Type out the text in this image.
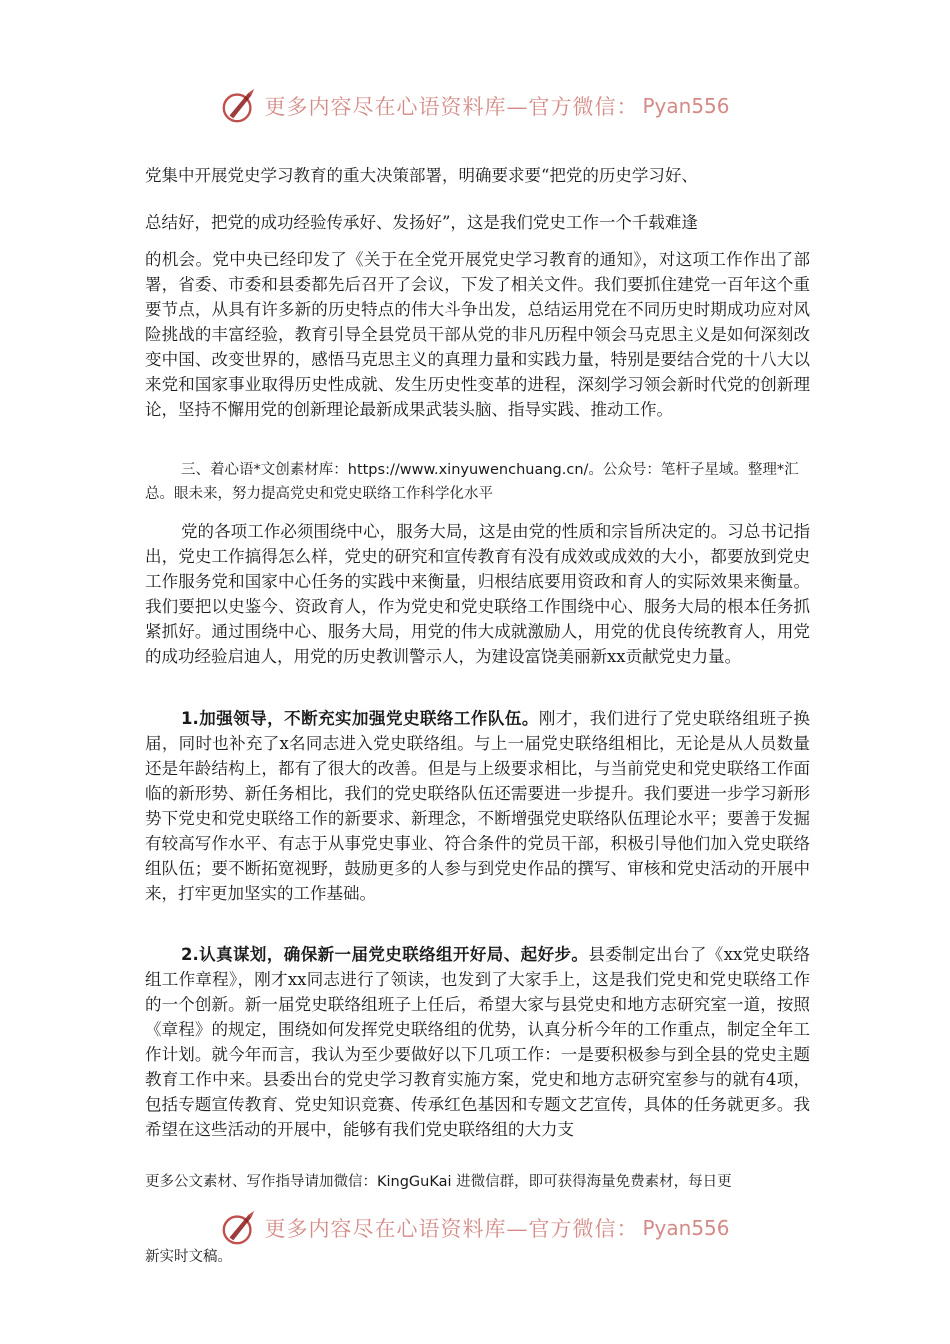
更多内容尽在心语资料库—官方微信： Pyan556
党集中开展党史学习教育的重大决策部署，明确要求要“把党的历史学习好、
总结好，把党的成功经验传承好、发扬好”，这是我们党史工作一个千载难逢
的机会。党中央已经印发了《关于在全党开展党史学习教育的通知》，对这项工作作出了部署，省委、市委和县委都先后召开了会议，下发了相关文件。我们要抓住建党一百年这个重要节点，从具有许多新的历史特点的伟大斗争出发，总结运用党在不同历史时期成功应对风险挑战的丰富经验，教育引导全县党员干部从党的非凡历程中领会马克思主义是如何深刻改变中国、改变世界的，感悟马克思主义的真理力量和实践力量，特别是要结合党的十八大以来党和国家事业取得历史性成就、发生历史性变革的进程，深刻学习领会新时代党的创新理论，坚持不懈用党的创新理论最新成果武装头脑、指导实践、推动工作。
三、着心语*文创素材库：https://www.xinyuwenchuang.cn/。公众号：笔杆子星域。整理*汇总。眼未来，努力提高党史和党史联络工作科学化水平
党的各项工作必须围绕中心，服务大局，这是由党的性质和宗旨所决定的。习总书记指出，党史工作搞得怎么样，党史的研究和宣传教育有没有成效或成效的大小，都要放到党史工作服务党和国家中心任务的实践中来衡量，归根结底要用资政和育人的实际效果来衡量。我们要把以史鉴今、资政育人，作为党史和党史联络工作围绕中心、服务大局的根本任务抓紧抓好。通过围绕中心、服务大局，用党的伟大成就激励人，用党的优良传统教育人，用党的成功经验启迪人，用党的历史教训警示人，为建设富饶美丽新xx贡献党史力量。
1.加强领导，不断充实加强党史联络工作队伍。刚才，我们进行了党史联络组班子换届，同时也补充了x名同志进入党史联络组。与上一届党史联络组相比，无论是从人员数量还是年龄结构上，都有了很大的改善。但是与上级要求相比，与当前党史和党史联络工作面临的新形势、新任务相比，我们的党史联络队伍还需要进一步提升。我们要进一步学习新形势下党史和党史联络工作的新要求、新理念，不断增强党史联络队伍理论水平；要善于发掘有较高写作水平、有志于从事党史事业、符合条件的党员干部，积极引导他们加入党史联络组队伍；要不断拓宽视野，鼓励更多的人参与到党史作品的撰写、审核和党史活动的开展中来，打牢更加坚实的工作基础。
2.认真谋划，确保新一届党史联络组开好局、起好步。县委制定出台了《xx党史联络组工作章程》，刚才xx同志进行了领读，也发到了大家手上，这是我们党史和党史联络工作的一个创新。新一届党史联络组班子上任后，希望大家与县党史和地方志研究室一道，按照《章程》的规定，围绕如何发挥党史联络组的优势，认真分析今年的工作重点，制定全年工作计划。就今年而言，我认为至少要做好以下几项工作：一是要积极参与到全县的党史主题教育工作中来。县委出台的党史学习教育实施方案，党史和地方志研究室参与的就有4项，包括专题宣传教育、党史知识竞赛、传承红色基因和专题文艺宣传，具体的任务就更多。我希望在这些活动的开展中，能够有我们党史联络组的大力支
更多公文素材、写作指导请加微信：KingGuKai 进微信群，即可获得海量免费素材，每日更
更多内容尽在心语资料库—官方微信： Pyan556
新实时文稿。
